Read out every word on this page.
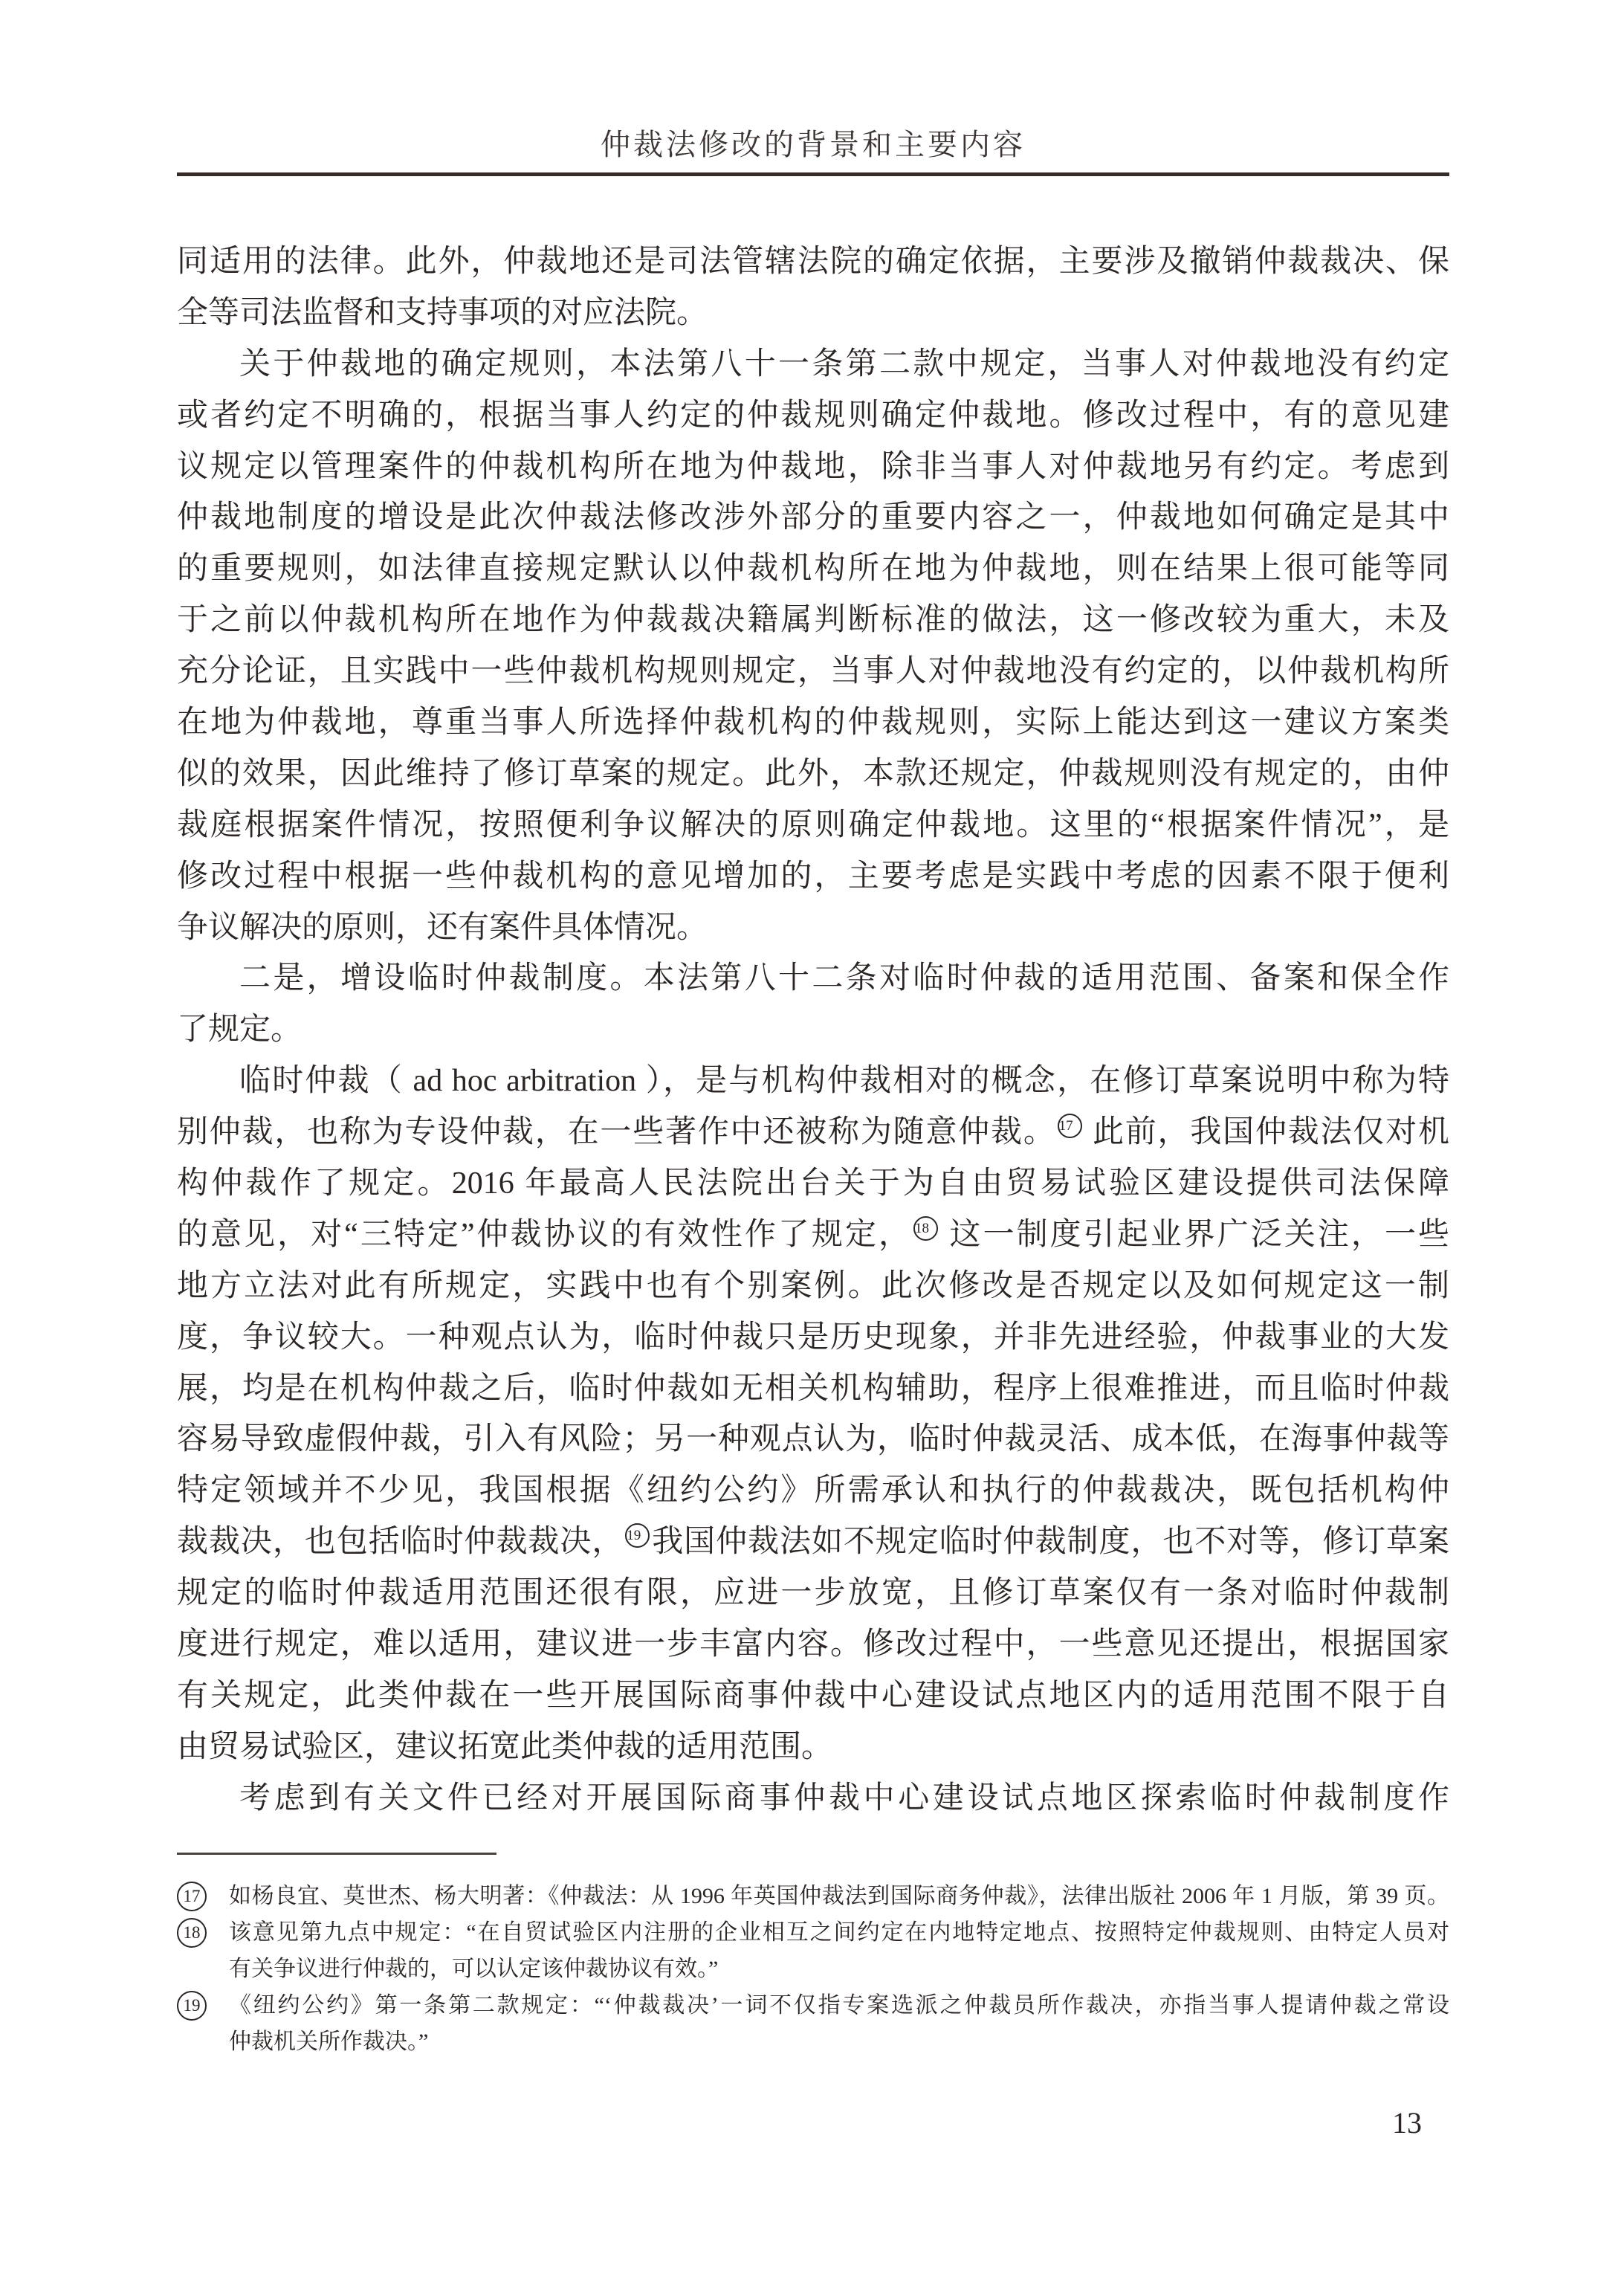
仲裁法修改的背景和主要内容
同适用的法律。此外，仲裁地还是司法管辖法院的确定依据，主要涉及撤销仲裁裁决、保
全等司法监督和支持事项的对应法院。
关于仲裁地的确定规则，本法第八十一条第二款中规定，当事人对仲裁地没有约定
或者约定不明确的，根据当事人约定的仲裁规则确定仲裁地。修改过程中，有的意见建
议规定以管理案件的仲裁机构所在地为仲裁地，除非当事人对仲裁地另有约定。考虑到
仲裁地制度的增设是此次仲裁法修改涉外部分的重要内容之一，仲裁地如何确定是其中
的重要规则，如法律直接规定默认以仲裁机构所在地为仲裁地，则在结果上很可能等同
于之前以仲裁机构所在地作为仲裁裁决籍属判断标准的做法，这一修改较为重大，未及
充分论证，且实践中一些仲裁机构规则规定，当事人对仲裁地没有约定的，以仲裁机构所
在地为仲裁地，尊重当事人所选择仲裁机构的仲裁规则，实际上能达到这一建议方案类
似的效果，因此维持了修订草案的规定。此外，本款还规定，仲裁规则没有规定的，由仲
裁庭根据案件情况，按照便利争议解决的原则确定仲裁地。这里的“根据案件情况”，是
修改过程中根据一些仲裁机构的意见增加的，主要考虑是实践中考虑的因素不限于便利
争议解决的原则，还有案件具体情况。
二是，增设临时仲裁制度。本法第八十二条对临时仲裁的适用范围、备案和保全作
了规定。
临时仲裁（ ad hoc arbitration ），是与机构仲裁相对的概念，在修订草案说明中称为特
别仲裁，也称为专设仲裁，在一些著作中还被称为随意仲裁。 17 此前，我国仲裁法仅对机
构仲裁作了规定。2016 年最高人民法院出台关于为自由贸易试验区建设提供司法保障
的意见，对“三特定”仲裁协议的有效性作了规定， 18 这一制度引起业界广泛关注，一些
地方立法对此有所规定，实践中也有个别案例。此次修改是否规定以及如何规定这一制
度，争议较大。一种观点认为，临时仲裁只是历史现象，并非先进经验，仲裁事业的大发
展，均是在机构仲裁之后，临时仲裁如无相关机构辅助，程序上很难推进，而且临时仲裁
容易导致虚假仲裁，引入有风险；另一种观点认为，临时仲裁灵活、成本低，在海事仲裁等
特定领域并不少见，我国根据《纽约公约》所需承认和执行的仲裁裁决，既包括机构仲
裁裁决，也包括临时仲裁裁决， 19 我国仲裁法如不规定临时仲裁制度，也不对等，修订草案
规定的临时仲裁适用范围还很有限，应进一步放宽，且修订草案仅有一条对临时仲裁制
度进行规定，难以适用，建议进一步丰富内容。修改过程中，一些意见还提出，根据国家
有关规定，此类仲裁在一些开展国际商事仲裁中心建设试点地区内的适用范围不限于自
由贸易试验区，建议拓宽此类仲裁的适用范围。
考虑到有关文件已经对开展国际商事仲裁中心建设试点地区探索临时仲裁制度作
17	如杨良宜、莫世杰、杨大明著：《仲裁法：从 1996 年英国仲裁法到国际商务仲裁》，法律出版社 2006 年 1 月版，第 39 页。
18	该意见第九点中规定：“在自贸试验区内注册的企业相互之间约定在内地特定地点、按照特定仲裁规则、由特定人员对
有关争议进行仲裁的，可以认定该仲裁协议有效。”
19	《纽约公约》第一条第二款规定：“‘仲裁裁决’一词不仅指专案选派之仲裁员所作裁决，亦指当事人提请仲裁之常设
仲裁机关所作裁决。”
13
